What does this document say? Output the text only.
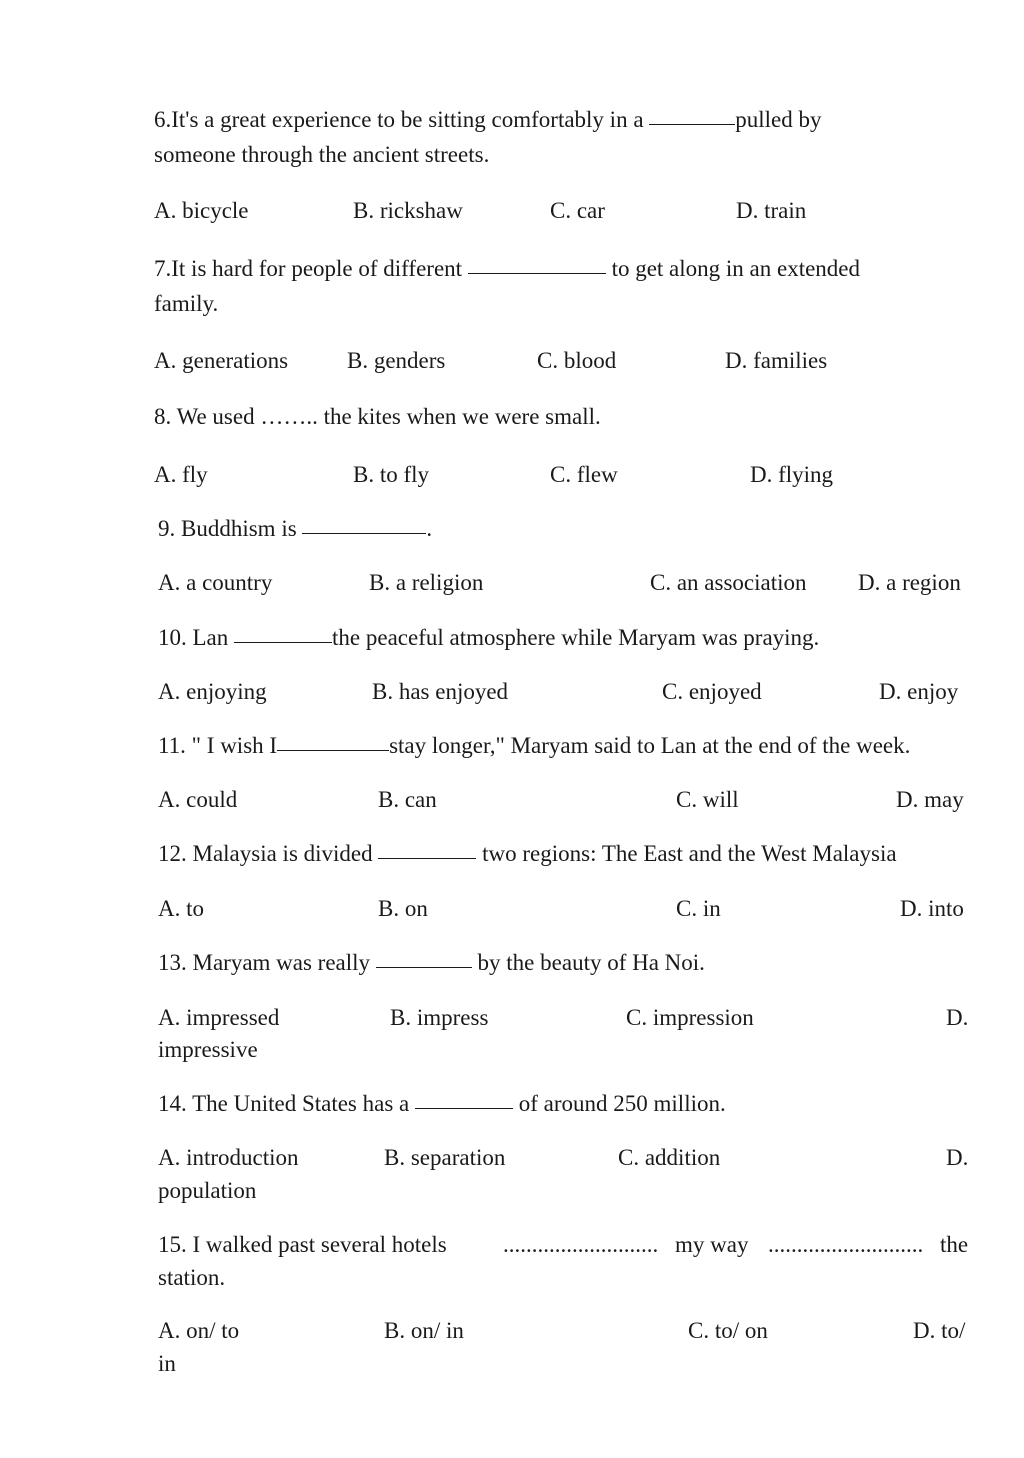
6.It's a great experience to be sitting comfortably in a	pulled by
someone through the ancient streets.
A. bicycle	B. rickshaw	C. car	D. train
7.It is hard for people of different	to get along in an extended
family.
A. generations	B. genders	C. blood	D. families
8. We used …….. the kites when we were small.
A. fly	B. to fly	C. flew	D. flying
9. Buddhism is	.
A. a country	B. a religion	C. an association D. a region
10. Lan	the peaceful atmosphere while Maryam was praying.
A. enjoying	B. has enjoyed	C. enjoyed	D. enjoy
11. " I wish I	stay longer," Maryam said to Lan at the end of the week.
A. could	B. can	C. will	D. may
12. Malaysia is divided	two regions: The East and the West Malaysia
A. to	B. on	C. in	D. into
13. Maryam was really	by the beauty of Ha Noi.
A. impressed	B. impress	C. impression	D.
impressive
14. The United States has a	of around 250 million.
A. introduction	B. separation	C. addition	D.
population
15. I walked past several hotels ........................... my way ........................... the
station.
A. on/ to	B. on/ in	C. to/ on	D. to/
in
